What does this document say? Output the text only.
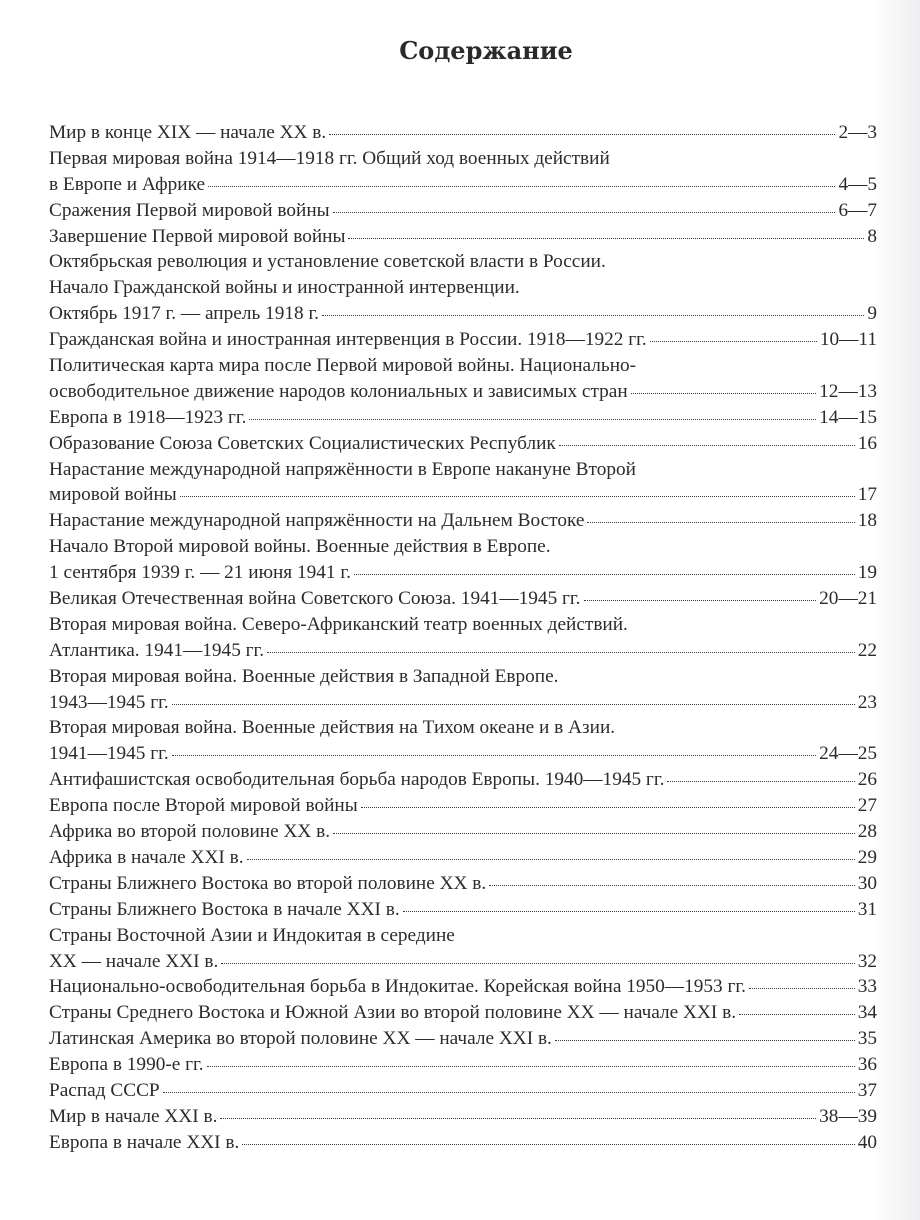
Содержание
Мир в конце XIX — начале XX в.	2—3
Первая мировая война 1914—1918 гг. Общий ход военных действий
в Европе и Африке	4—5
Сражения Первой мировой войны	6—7
Завершение Первой мировой войны	8
Октябрьская революция и установление советской власти в России.
Начало Гражданской войны и иностранной интервенции.
Октябрь 1917 г. — апрель 1918 г.	9
Гражданская война и иностранная интервенция в России. 1918—1922 гг.	10—11
Политическая карта мира после Первой мировой войны. Национально-
освободительное движение народов колониальных и зависимых стран	12—13
Европа в 1918—1923 гг.	14—15
Образование Союза Советских Социалистических Республик	16
Нарастание международной напряжённости в Европе накануне Второй
мировой войны	17
Нарастание международной напряжённости на Дальнем Востоке	18
Начало Второй мировой войны. Военные действия в Европе.
1 сентября 1939 г. — 21 июня 1941 г.	19
Великая Отечественная война Советского Союза. 1941—1945 гг.	20—21
Вторая мировая война. Северо-Африканский театр военных действий.
Атлантика. 1941—1945 гг.	22
Вторая мировая война. Военные действия в Западной Европе.
1943—1945 гг.	23
Вторая мировая война. Военные действия на Тихом океане и в Азии.
1941—1945 гг.	24—25
Антифашистская освободительная борьба народов Европы. 1940—1945 гг.	26
Европа после Второй мировой войны	27
Африка во второй половине XX в.	28
Африка в начале XXI в.	29
Страны Ближнего Востока во второй половине XX в.	30
Страны Ближнего Востока в начале XXI в.	31
Страны Восточной Азии и Индокитая в середине
XX — начале XXI в.	32
Национально-освободительная борьба в Индокитае. Корейская война 1950—1953 гг.	33
Страны Среднего Востока и Южной Азии во второй половине XX — начале XXI в.	34
Латинская Америка во второй половине XX — начале XXI в.	35
Европа в 1990-е гг.	36
Распад СССР	37
Мир в начале XXI в.	38—39
Европа в начале XXI в.	40
